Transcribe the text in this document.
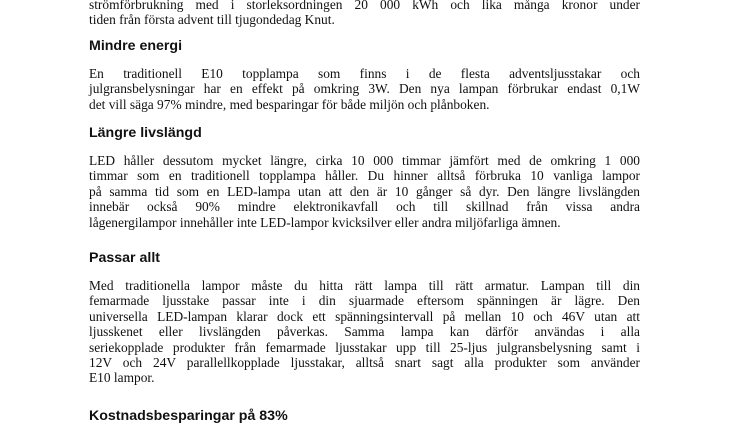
strömförbrukning med i storleksordningen 20 000 kWh och lika många kronor under
tiden från första advent till tjugondedag Knut.

Mindre energi

En traditionell E10 topplampa som finns i de flesta adventsljusstakar och
julgransbelysningar har en effekt på omkring 3W. Den nya lampan förbrukar endast 0,1W
det vill säga 97% mindre, med besparingar för både miljön och plånboken.

Längre livslängd

LED håller dessutom mycket längre, cirka 10 000 timmar jämfört med de omkring 1 000
timmar som en traditionell topplampa håller. Du hinner alltså förbruka 10 vanliga lampor
på samma tid som en LED-lampa utan att den är 10 gånger så dyr. Den längre livslängden
innebär också 90% mindre elektronikavfall och till skillnad från vissa andra
lågenergilampor innehåller inte LED-lampor kvicksilver eller andra miljöfarliga ämnen.

Passar allt

Med traditionella lampor måste du hitta rätt lampa till rätt armatur. Lampan till din
femarmade ljusstake passar inte i din sjuarmade eftersom spänningen är lägre. Den
universella LED-lampan klarar dock ett spänningsintervall på mellan 10 och 46V utan att
ljusskenet eller livslängden påverkas. Samma lampa kan därför användas i alla
seriekopplade produkter från femarmade ljusstakar upp till 25-ljus julgransbelysning samt i
12V och 24V parallellkopplade ljusstakar, alltså snart sagt alla produkter som använder
E10 lampor.

Kostnadsbesparingar på 83%
